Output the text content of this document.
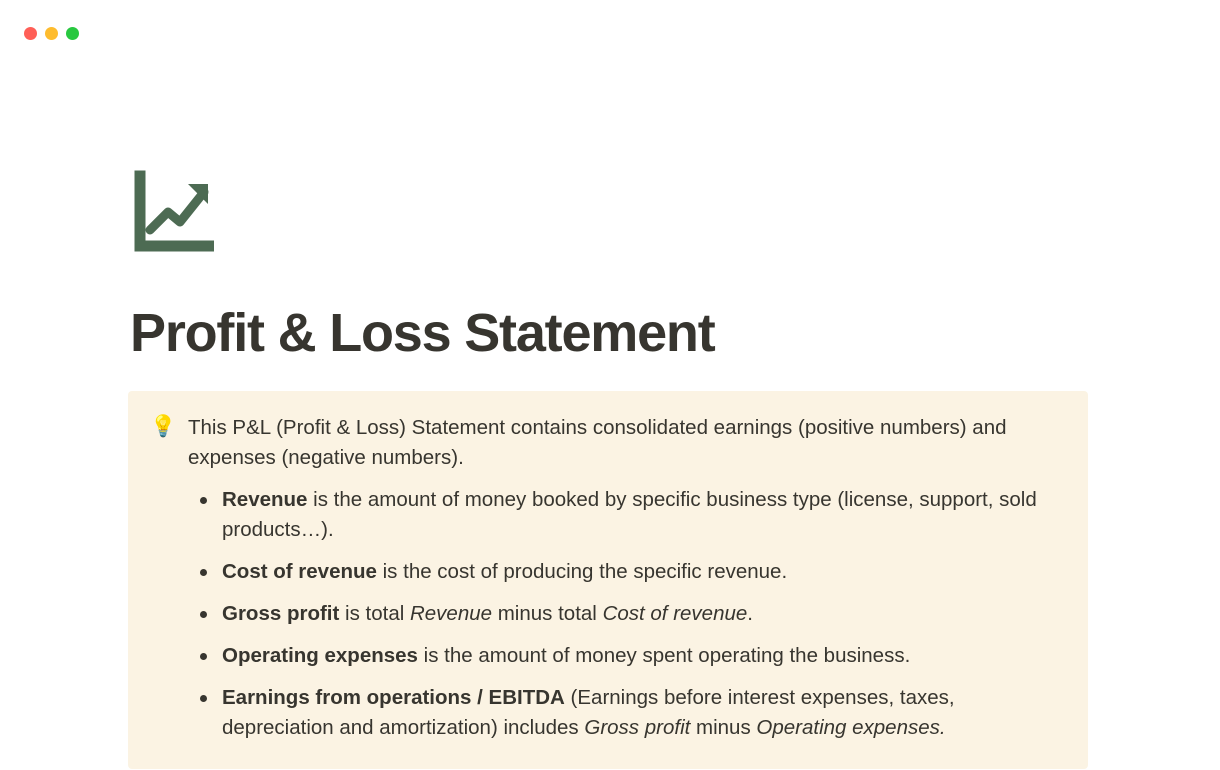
Profit & Loss Statement
💡 This P&L (Profit & Loss) Statement contains consolidated earnings (positive numbers) and expenses (negative numbers).

Revenue is the amount of money booked by specific business type (license, support, sold products…).
Cost of revenue is the cost of producing the specific revenue.
Gross profit is total Revenue minus total Cost of revenue.
Operating expenses is the amount of money spent operating the business.
Earnings from operations / EBITDA (Earnings before interest expenses, taxes, depreciation and amortization) includes Gross profit minus Operating expenses.
